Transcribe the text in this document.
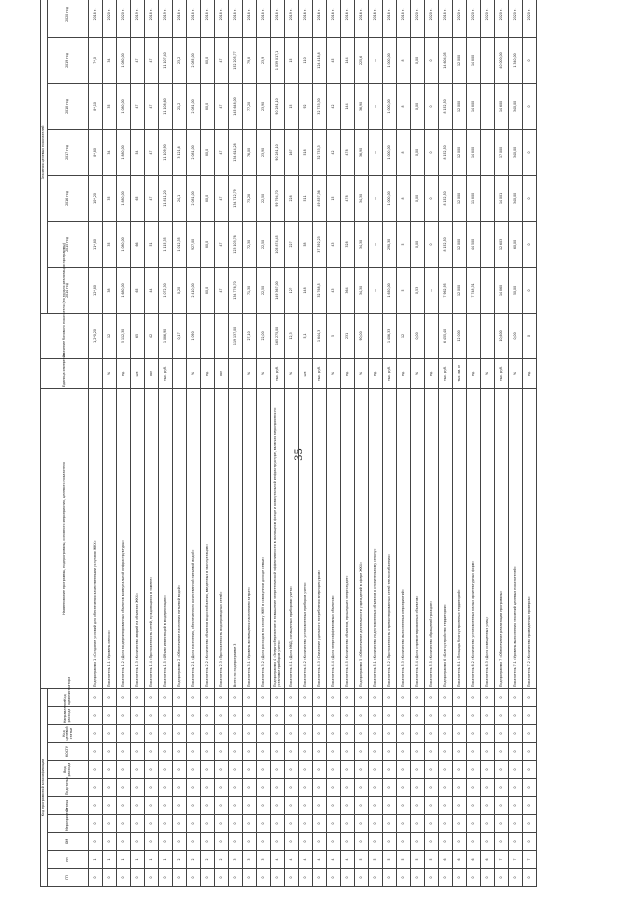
35
Код программной классификации											Наименование программы, подпрограммы, основного мероприятия, целевого показателя	Единица измерения	Значение базового показателя (на начало реализации программы)	Значения целевых показателей						
ГП	пп	ОМ	Мероприятие	Статья	Подстатья	Вид расхода	КОСГУ	Код целевой статьи	Направление расхода	Код администратора				2014 год	2015 год	2016 год	2017 год	2018 год	2019 год	2020 год
0	1	0	0	0	0	0	0	0	0	0	Подпрограмма 1 «Создание условий для обеспечения качественными услугами ЖКХ»		1,2*0,20	12*,80	11*,80	10*,20	8*,80	8*,10	7*,0	2018 г.
0	1	0	0	0	0	0	0	0	0	0	Показатель 1.1 «Уровень износа»	%	12	38	35	35	34	35	34	2020 г.
0	1	0	0	0	0	0	0	0	0	0	Показатель 1.2 «Доля модернизированных объектов коммунальной инфраструктуры»	ед.	5 112,30	1 680,00	1 080,00	1 880,00	1 880,00	1 080,00	1 080,00	2020 г.
0	1	0	0	0	0	0	0	0	0	0	Показатель 1.3 «Количество аварий на объектах ЖКХ»	шт.	65	65	66	65	54	47	47	2019 г.
0	1	0	0	0	0	0	0	0	0	0	Показатель 1.4 «Протяженность сетей, нуждающихся в замене»	км	42	44	51	47	47	47	47	2018 г.
0	1	0	0	0	0	0	0	0	0	0	Показатель 1.5 «Объем инвестиций в модернизацию»	тыс. руб.	1 086,90	1 072,30	1 115,35	11 811,20	11 109,90	11 108,60	11 107,40	2019 г.
0	2	0	0	0	0	0	0	0	0	0	Подпрограмма 2 «Обеспечение населения питьевой водой»		0,17	0,20	1 012,35	24,1	3 121,6	21,2	23,2	2018 г.
0	2	0	0	0	0	0	0	0	0	0	Показатель 2.1 «Доля населения, обеспеченного качественной питьевой водой»	%	1 090	2 410,00	927,00	2 081,00	2 081,00	2 081,00	2 085,00	2018 г.
0	2	0	0	0	0	0	0	0	0	0	Показатель 2.2 «Количество объектов водоснабжения, введенных в эксплуатацию»	ед.		80,0	80,0	80,0	80,0	80,0	80,0	2018 г.
0	2	0	0	0	0	0	0	0	0	0	Показатель 2.3 «Протяженность водопроводных сетей»	км		47	47	47	47	47	47	2018 г.
0	3	0	0	0	0	0	0	0	0	0	Всего по подпрограмме 3		119 137,00	134 776,70	123 103,76	134 712,79	134 614,28	145 648,00	152 205,77	2018 г.
0	3	0	0	0	0	0	0	0	0	0	Показатель 3.1 «Уровень возмещения населением затрат»	%	27,10	71,30	72,30	73,28	76,00	77,20	79,8	2018 г.
0	3	0	0	0	0	0	0	0	0	0	Показатель 3.2 «Доля расходов на оплату ЖКУ в совокупном доходе семьи»	%	22,00	22,50	22,50	22,50	23,90	23,90	23,9	2018 г.
0	4	0	0	0	0	0	0	0	0	0	Подпрограмма 4 «Энергосбережение и повышение энергетической эффективности в жилищном фонде и коммунальной инфраструктуре, включая мероприятия по установке приборов учета»	тыс. руб.	165 275,00	149 367,00	105 874,45	99 794,70	90 281,10	90 281,10	1 039 017,1	2018 г.
0	4	0	0	0	0	0	0	0	0	0	Показатель 4.1 «Доля МКД, оснащенных приборами учета»	%	12,3	12?	227	228	167	15	15	2019 г.
0	4	0	0	0	0	0	0	0	0	0	Показатель 4.2 «Количество установленных приборов учета»	шт.	5,1	148	58	511	518	92	110	2016 г.
0	4	0	0	0	0	0	0	0	0	0	Показатель 4.3 «Снижение удельного потребления энергоресурсов»	тыс. руб.	1 644,3	32 768,5	37 392,23	49 837,36	32 733,3	32 733,30	124 418,8	2016 г.
0	4	0	0	0	0	0	0	0	0	0	Показатель 4.4 «Доля энергоэффективных объектов»	%	5	43	43	15	42	42	45	2016 г.
0	4	0	0	0	0	0	0	0	0	0	Показатель 4.5 «Количество объектов, прошедших энергоаудит»	ед.	231	364	328	478	478	144	144	2016 г.
0	5	0	0	0	0	0	0	0	0	0	Подпрограмма 5 «Обеспечение деятельности учреждений в сфере ЖКХ»	%	90,00	34,30	34,30	34,30	36,90	36,90	225,6	2016 г.
0	5	0	0	0	0	0	0	0	0	0	Показатель 5.1 «Количество подготовленных объектов к отопительному сезону»	ед.		—	—	—	—	—	—	2016 г.
0	5	0	0	0	0	0	0	0	0	0	Показатель 5.2 «Протяженность отремонтированных сетей теплоснабжения»	тыс. руб.	1 406,33	1 650,00	290,30	1 000,00	1 000,00	1 000,00	1 000,00	2018 г.
0	5	0	0	0	0	0	0	0	0	0	Показатель 5.3 «Количество выполненных мероприятий»	ед.	12	5	5	8	8	8	8	2018 г.
0	5	0	0	0	0	0	0	0	0	0	Показатель 5.4 «Доля отремонтированных объектов»	%	0,00	0,53	0,00	0,00	0,00	0,00	0,00	2020 г.
0	5	0	0	0	0	0	0	0	0	0	Показатель 5.5 «Количество обращений граждан»	ед.		—	0	0	0	0	0	2020 г.
0	6	0	0	0	0	0	0	0	0	0	Подпрограмма 6 «Благоустройство территории»	тыс. руб.	6 455,40	7 962,95	8 152,50	8 152,50	8 152,50	8 152,50	14 604,05	2018 г.
0	6	0	0	0	0	0	0	0	0	0	Показатель 6.1 «Площадь благоустроенных территорий»	тыс. кв. м	12 000	12 000	12 000	12 000	12 000	12 000	12 000	2020 г.
0	6	0	0	0	0	0	0	0	0	0	Показатель 6.2 «Количество установленных малых архитектурных форм»	ед.		7 748,31	44 500	11 800	14 800	14 800	14 800	2020 г.
0	6	0	0	0	0	0	0	0	0	0	Показатель 6.3 «Доля освещенных улиц»	%								2020 г.
0	7	0	0	0	0	0	0	0	0	0	Подпрограмма 7 «Обеспечение реализации программы»	тыс. руб.	10,600	14 860	12 603	14 001	17 000	14 600	40 000,00	2020 г.
0	7	0	0	0	0	0	0	0	0	0	Показатель 7.1 «Уровень выполнения значений целевых показателей»	%	0,00	50,00	60,00	340,00	340,00	340,00	1 340,00	2020 г.
0	7	0	0	0	0	0	0	0	0	0	Показатель 7.2 «Количество проведенных проверок»	ед.	0	0	0	0	0	0	0	2020 г.
